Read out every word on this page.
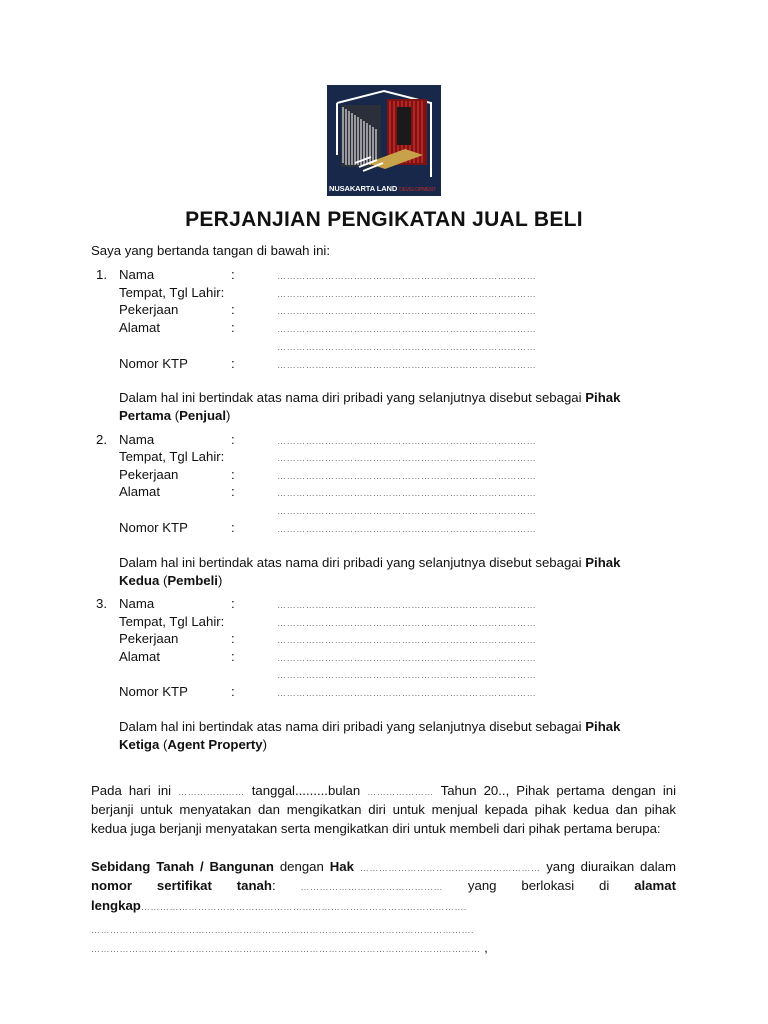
NUSAKARTA LAND DEVELOPMENT
PERJANJIAN PENGIKATAN JUAL BELI
Saya yang bertanda tangan di bawah ini:
1. Nama	:	………………………………………………………………………
Tempat, Tgl Lahir:	………………………………………………………………………
Pekerjaan	:	………………………………………………………………………
Alamat	:	………………………………………………………………………
………………………………………………………………………
Nomor KTP	:	………………………………………………………………………
Dalam hal ini bertindak atas nama diri pribadi yang selanjutnya disebut sebagai Pihak
Pertama (Penjual)
2. Nama	:	………………………………………………………………………
Tempat, Tgl Lahir:	………………………………………………………………………
Pekerjaan	:	………………………………………………………………………
Alamat	:	………………………………………………………………………
………………………………………………………………………
Nomor KTP	:	………………………………………………………………………
Dalam hal ini bertindak atas nama diri pribadi yang selanjutnya disebut sebagai Pihak
Kedua (Pembeli)
3. Nama	:	………………………………………………………………………
Tempat, Tgl Lahir:	………………………………………………………………………
Pekerjaan	:	………………………………………………………………………
Alamat	:	………………………………………………………………………
………………………………………………………………………
Nomor KTP	:	………………………………………………………………………
Dalam hal ini bertindak atas nama diri pribadi yang selanjutnya disebut sebagai Pihak
Ketiga (Agent Property)
Pada hari ini ………………… tanggal.........bulan ………………… Tahun 20.., Pihak pertama dengan ini berjanji untuk menyatakan dan mengikatkan diri untuk menjual kepada pihak kedua dan pihak kedua juga berjanji menyatakan serta mengikatkan diri untuk membeli dari pihak pertama berupa:
Sebidang Tanah / Bangunan dengan Hak ………………………………………………… yang diuraikan dalam nomor sertifikat tanah:	……………………………………… yang berlokasi di alamat lengkap………………………………………………………………………………………….
………………………………………………………………………………………………………….
…………………………………………………………………………………………………………… ,
